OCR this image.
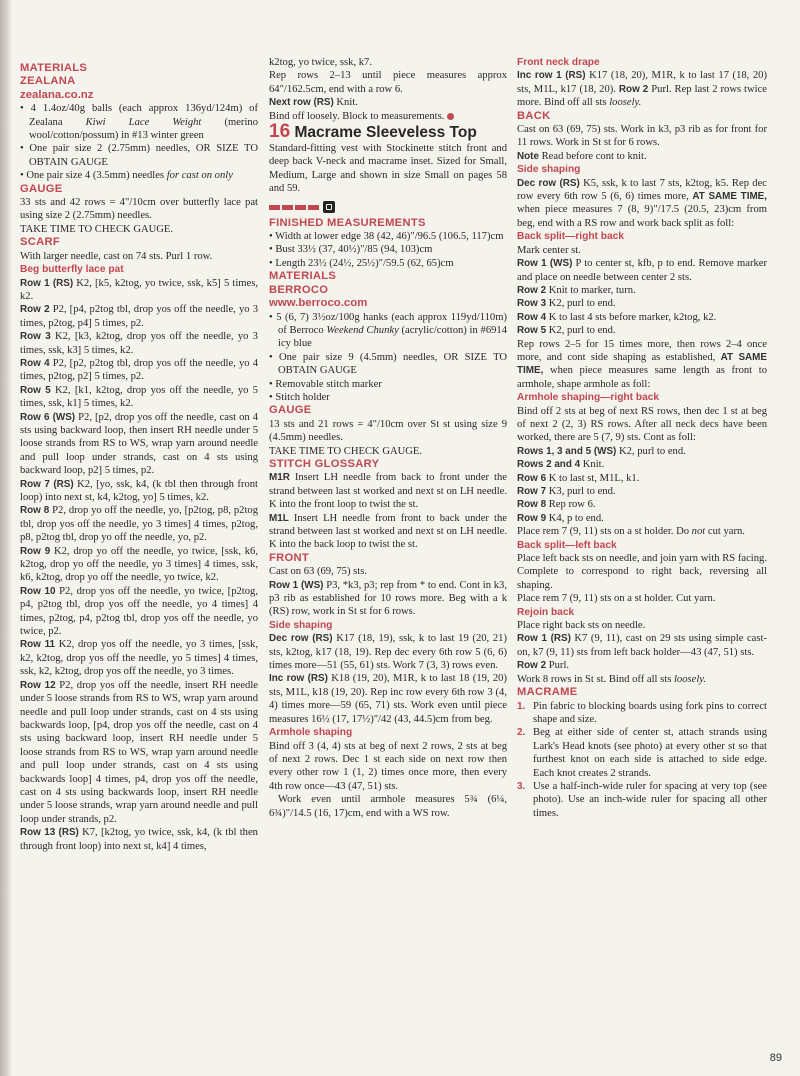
MATERIALS

ZEALANA

zealana.co.nz

• 4 1.4oz/40g balls (each approx 136yd/124m) of Zealana Kiwi Lace Weight (merino wool/cotton/possum) in #13 winter green

• One pair size 2 (2.75mm) needles, OR SIZE TO OBTAIN GAUGE

• One pair size 4 (3.5mm) needles for cast on only

GAUGE

33 sts and 42 rows = 4"/10cm over butterfly lace pat using size 2 (2.75mm) needles.

TAKE TIME TO CHECK GAUGE.

SCARF

With larger needle, cast on 74 sts. Purl 1 row.

Beg butterfly lace pat

Row 1 (RS) K2, [k5, k2tog, yo twice, ssk, k5] 5 times, k2.

Row 2 P2, [p4, p2tog tbl, drop yos off the needle, yo 3 times, p2tog, p4] 5 times, p2.

Row 3 K2, [k3, k2tog, drop yos off the needle, yo 3 times, ssk, k3] 5 times, k2.

Row 4 P2, [p2, p2tog tbl, drop yos off the needle, yo 4 times, p2tog, p2] 5 times, p2.

Row 5 K2, [k1, k2tog, drop yos off the needle, yo 5 times, ssk, k1] 5 times, k2.

Row 6 (WS) P2, [p2, drop yos off the needle, cast on 4 sts using backward loop, then insert RH needle under 5 loose strands from RS to WS, wrap yarn around needle and pull loop under strands, cast on 4 sts using backward loop, p2] 5 times, p2.

Row 7 (RS) K2, [yo, ssk, k4, (k tbl then through front loop) into next st, k4, k2tog, yo] 5 times, k2.

Row 8 P2, drop yo off the needle, yo, [p2tog, p8, p2tog tbl, drop yos off the needle, yo 3 times] 4 times, p2tog, p8, p2tog tbl, drop yo off the needle, yo, p2.

Row 9 K2, drop yo off the needle, yo twice, [ssk, k6, k2tog, drop yo off the needle, yo 3 times] 4 times, ssk, k6, k2tog, drop yo off the needle, yo twice, k2.

Row 10 P2, drop yos off the needle, yo twice, [p2tog, p4, p2tog tbl, drop yos off the needle, yo 4 times] 4 times, p2tog, p4, p2tog tbl, drop yos off the needle, yo twice, p2.

Row 11 K2, drop yos off the needle, yo 3 times, [ssk, k2, k2tog, drop yos off the needle, yo 5 times] 4 times, ssk, k2, k2tog, drop yos off the needle, yo 3 times.

Row 12 P2, drop yos off the needle, insert RH needle under 5 loose strands from RS to WS, wrap yarn around needle and pull loop under strands, cast on 4 sts using backwards loop, [p4, drop yos off the needle, cast on 4 sts using backward loop, insert RH needle under 5 loose strands from RS to WS, wrap yarn around needle and pull loop under strands, cast on 4 sts using backwards loop] 4 times, p4, drop yos off the needle, cast on 4 sts using backwards loop, insert RH needle under 5 loose strands, wrap yarn around needle and pull loop under strands, p2.

Row 13 (RS) K7, [k2tog, yo twice, ssk, k4, (k tbl then through front loop) into next st, k4] 4 times,

k2tog, yo twice, ssk, k7.

Rep rows 2–13 until piece measures approx 64"/162.5cm, end with a row 6.

Next row (RS) Knit.

Bind off loosely. Block to measurements.

16 Macrame Sleeveless Top

Standard-fitting vest with Stockinette stitch front and deep back V-neck and macrame inset. Sized for Small, Medium, Large and shown in size Small on pages 58 and 59.

FINISHED MEASUREMENTS

• Width at lower edge 38 (42, 46)"/96.5 (106.5, 117)cm

• Bust 33½ (37, 40½)"/85 (94, 103)cm

• Length 23½ (24½, 25½)"/59.5 (62, 65)cm

MATERIALS

BERROCO

www.berroco.com

• 5 (6, 7) 3½oz/100g hanks (each approx 119yd/110m) of Berroco Weekend Chunky (acrylic/cotton) in #6914 icy blue

• One pair size 9 (4.5mm) needles, OR SIZE TO OBTAIN GAUGE

• Removable stitch marker

• Stitch holder

GAUGE

13 sts and 21 rows = 4"/10cm over St st using size 9 (4.5mm) needles.

TAKE TIME TO CHECK GAUGE.

STITCH GLOSSARY

M1R Insert LH needle from back to front under the strand between last st worked and next st on LH needle. K into the front loop to twist the st.

M1L Insert LH needle from front to back under the strand between last st worked and next st on LH needle. K into the back loop to twist the st.

FRONT

Cast on 63 (69, 75) sts.

Row 1 (WS) P3, *k3, p3; rep from * to end. Cont in k3, p3 rib as established for 10 rows more. Beg with a k (RS) row, work in St st for 6 rows.

Side shaping

Dec row (RS) K17 (18, 19), ssk, k to last 19 (20, 21) sts, k2tog, k17 (18, 19). Rep dec every 6th row 5 (6, 6) times more—51 (55, 61) sts. Work 7 (3, 3) rows even.

Inc row (RS) K18 (19, 20), M1R, k to last 18 (19, 20) sts, M1L, k18 (19, 20). Rep inc row every 6th row 3 (4, 4) times more—59 (65, 71) sts. Work even until piece measures 16½ (17, 17½)"/42 (43, 44.5)cm from beg.

Armhole shaping

Bind off 3 (4, 4) sts at beg of next 2 rows, 2 sts at beg of next 2 rows. Dec 1 st each side on next row then every other row 1 (1, 2) times once more, then every 4th row once—43 (47, 51) sts.

Work even until armhole measures 5¾ (6¼, 6¾)"/14.5 (16, 17)cm, end with a WS row.

Front neck drape

Inc row 1 (RS) K17 (18, 20), M1R, k to last 17 (18, 20) sts, M1L, k17 (18, 20). Row 2 Purl. Rep last 2 rows twice more. Bind off all sts loosely.

BACK

Cast on 63 (69, 75) sts. Work in k3, p3 rib as for front for 11 rows. Work in St st for 6 rows.

Note Read before cont to knit.

Side shaping

Dec row (RS) K5, ssk, k to last 7 sts, k2tog, k5. Rep dec row every 6th row 5 (6, 6) times more, AT SAME TIME, when piece measures 7 (8, 9)"/17.5 (20.5, 23)cm from beg, end with a RS row and work back split as foll:

Back split—right back

Mark center st.

Row 1 (WS) P to center st, kfb, p to end. Remove marker and place on needle between center 2 sts.

Row 2 Knit to marker, turn.

Row 3 K2, purl to end.

Row 4 K to last 4 sts before marker, k2tog, k2.

Row 5 K2, purl to end.

Rep rows 2–5 for 15 times more, then rows 2–4 once more, and cont side shaping as established, AT SAME TIME, when piece measures same length as front to armhole, shape armhole as foll:

Armhole shaping—right back

Bind off 2 sts at beg of next RS rows, then dec 1 st at beg of next 2 (2, 3) RS rows. After all neck decs have been worked, there are 5 (7, 9) sts. Cont as foll:

Rows 1, 3 and 5 (WS) K2, purl to end.

Rows 2 and 4 Knit.

Row 6 K to last st, M1L, k1.

Row 7 K3, purl to end.

Row 8 Rep row 6.

Row 9 K4, p to end.

Place rem 7 (9, 11) sts on a st holder. Do not cut yarn.

Back split—left back

Place left back sts on needle, and join yarn with RS facing. Complete to correspond to right back, reversing all shaping.

Place rem 7 (9, 11) sts on a st holder. Cut yarn.

Rejoin back

Place right back sts on needle.

Row 1 (RS) K7 (9, 11), cast on 29 sts using simple cast-on, k7 (9, 11) sts from left back holder—43 (47, 51) sts.

Row 2 Purl.

Work 8 rows in St st. Bind off all sts loosely.

MACRAME

1. Pin fabric to blocking boards using fork pins to correct shape and size.
2. Beg at either side of center st, attach strands using Lark's Head knots (see photo) at every other st so that furthest knot on each side is attached to side edge. Each knot creates 2 strands.
3. Use a half-inch-wide ruler for spacing at very top (see photo). Use an inch-wide ruler for spacing all other times.
89
